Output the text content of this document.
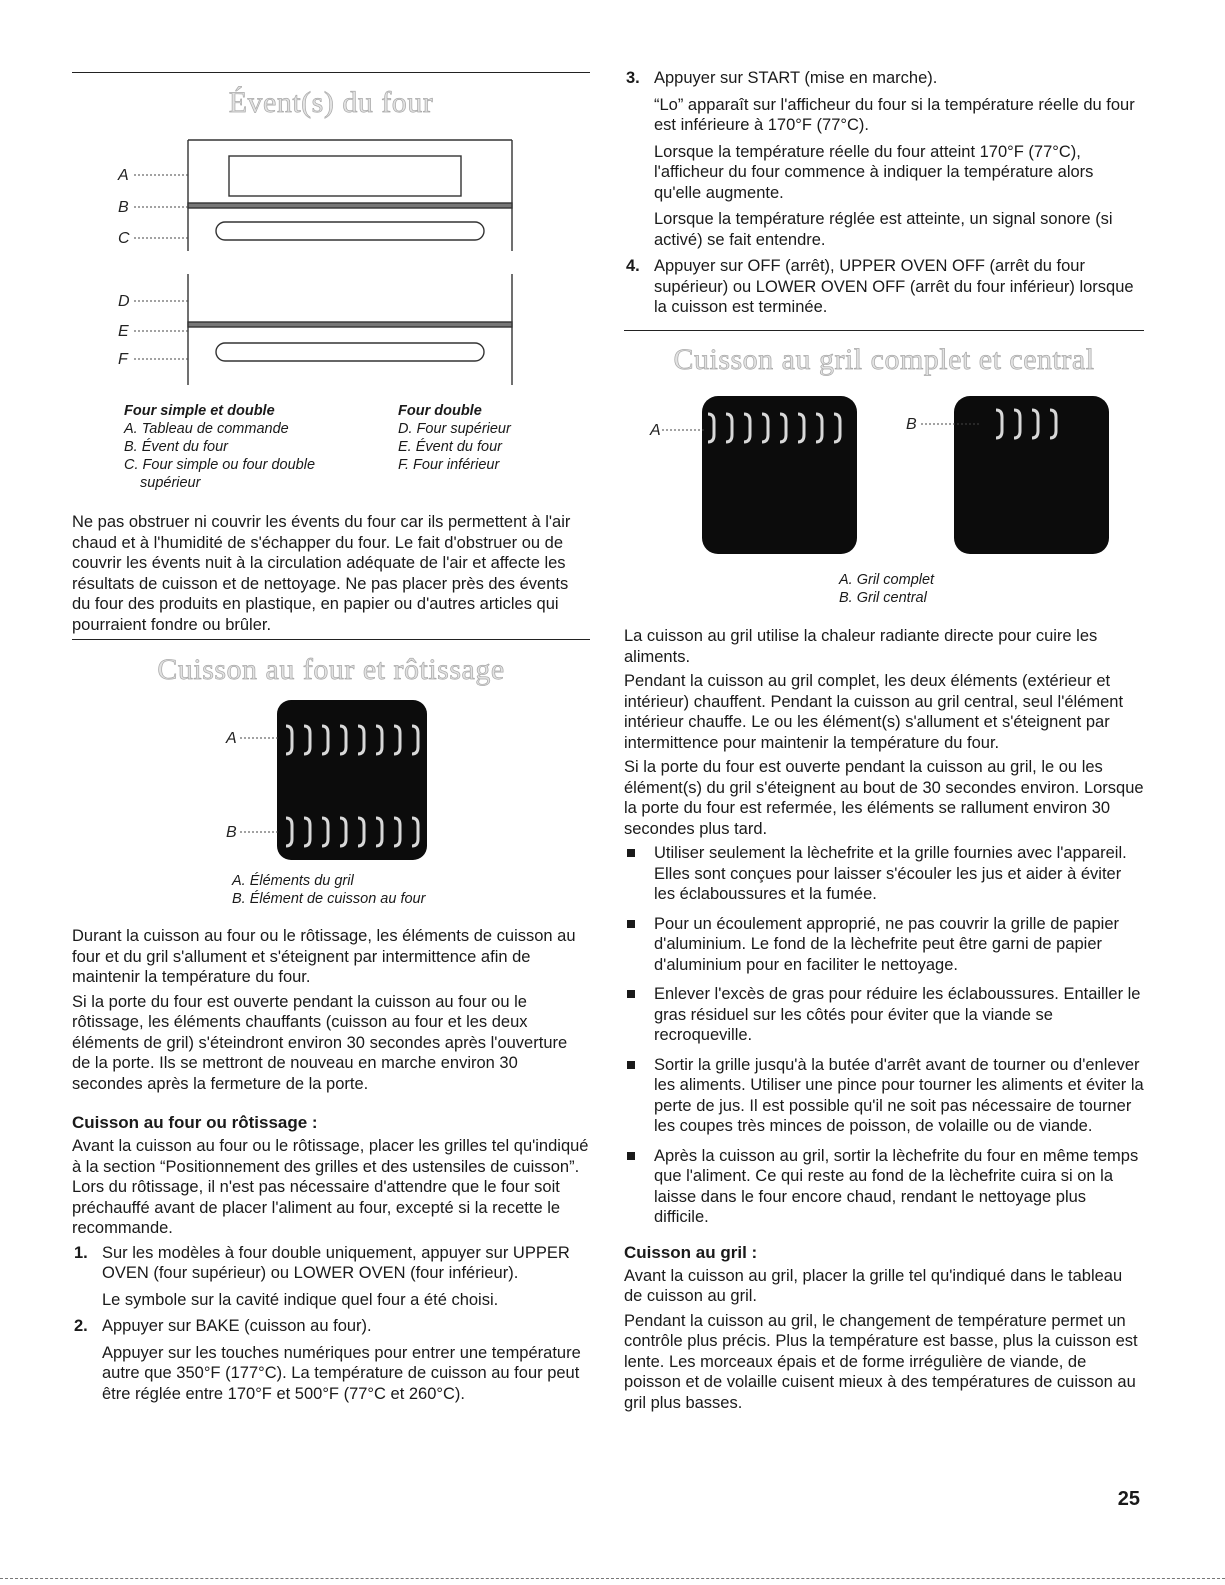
Évent(s) du four
A
B
C
D
E
F
Four simple et double
A. Tableau de commande
B. Évent du four
C. Four simple ou four double
supérieur
Four double
D. Four supérieur
E. Évent du four
F. Four inférieur

Ne pas obstruer ni couvrir les évents du four car ils permettent à l'air chaud et à l'humidité de s'échapper du four. Le fait d'obstruer ou de couvrir les évents nuit à la circulation adéquate de l'air et affecte les résultats de cuisson et de nettoyage. Ne pas placer près des évents du four des produits en plastique, en papier ou d'autres articles qui pourraient fondre ou brûler.

Cuisson au four et rôtissage
A
B
A. Éléments du gril
B. Élément de cuisson au four

Durant la cuisson au four ou le rôtissage, les éléments de cuisson au four et du gril s'allument et s'éteignent par intermittence afin de maintenir la température du four.

Si la porte du four est ouverte pendant la cuisson au four ou le rôtissage, les éléments chauffants (cuisson au four et les deux éléments de gril) s'éteindront environ 30 secondes après l'ouverture de la porte. Ils se mettront de nouveau en marche environ 30 secondes après la fermeture de la porte.

Cuisson au four ou rôtissage :

Avant la cuisson au four ou le rôtissage, placer les grilles tel qu'indiqué à la section “Positionnement des grilles et des ustensiles de cuisson”. Lors du rôtissage, il n'est pas nécessaire d'attendre que le four soit préchauffé avant de placer l'aliment au four, excepté si la recette le recommande.

1. Sur les modèles à four double uniquement, appuyer sur UPPER OVEN (four supérieur) ou LOWER OVEN (four inférieur).

Le symbole sur la cavité indique quel four a été choisi.

2. Appuyer sur BAKE (cuisson au four).

Appuyer sur les touches numériques pour entrer une température autre que 350°F (177°C). La température de cuisson au four peut être réglée entre 170°F et 500°F (77°C et 260°C).

3. Appuyer sur START (mise en marche).

“Lo” apparaît sur l'afficheur du four si la température réelle du four est inférieure à 170°F (77°C).

Lorsque la température réelle du four atteint 170°F (77°C), l'afficheur du four commence à indiquer la température alors qu'elle augmente.

Lorsque la température réglée est atteinte, un signal sonore (si activé) se fait entendre.

4. Appuyer sur OFF (arrêt), UPPER OVEN OFF (arrêt du four supérieur) ou LOWER OVEN OFF (arrêt du four inférieur) lorsque la cuisson est terminée.

Cuisson au gril complet et central
A	B
A. Gril complet
B. Gril central

La cuisson au gril utilise la chaleur radiante directe pour cuire les aliments.

Pendant la cuisson au gril complet, les deux éléments (extérieur et intérieur) chauffent. Pendant la cuisson au gril central, seul l'élément intérieur chauffe. Le ou les élément(s) s'allument et s'éteignent par intermittence pour maintenir la température du four.

Si la porte du four est ouverte pendant la cuisson au gril, le ou les élément(s) du gril s'éteignent au bout de 30 secondes environ. Lorsque la porte du four est refermée, les éléments se rallument environ 30 secondes plus tard.

Utiliser seulement la lèchefrite et la grille fournies avec l'appareil. Elles sont conçues pour laisser s'écouler les jus et aider à éviter les éclaboussures et la fumée.
Pour un écoulement approprié, ne pas couvrir la grille de papier d'aluminium. Le fond de la lèchefrite peut être garni de papier d'aluminium pour en faciliter le nettoyage.
Enlever l'excès de gras pour réduire les éclaboussures. Entailler le gras résiduel sur les côtés pour éviter que la viande se recroqueville.
Sortir la grille jusqu'à la butée d'arrêt avant de tourner ou d'enlever les aliments. Utiliser une pince pour tourner les aliments et éviter la perte de jus. Il est possible qu'il ne soit pas nécessaire de tourner les coupes très minces de poisson, de volaille ou de viande.
Après la cuisson au gril, sortir la lèchefrite du four en même temps que l'aliment. Ce qui reste au fond de la lèchefrite cuira si on la laisse dans le four encore chaud, rendant le nettoyage plus difficile.
Cuisson au gril :

Avant la cuisson au gril, placer la grille tel qu'indiqué dans le tableau de cuisson au gril.

Pendant la cuisson au gril, le changement de température permet un contrôle plus précis. Plus la température est basse, plus la cuisson est lente. Les morceaux épais et de forme irrégulière de viande, de poisson et de volaille cuisent mieux à des températures de cuisson au gril plus basses.

25
